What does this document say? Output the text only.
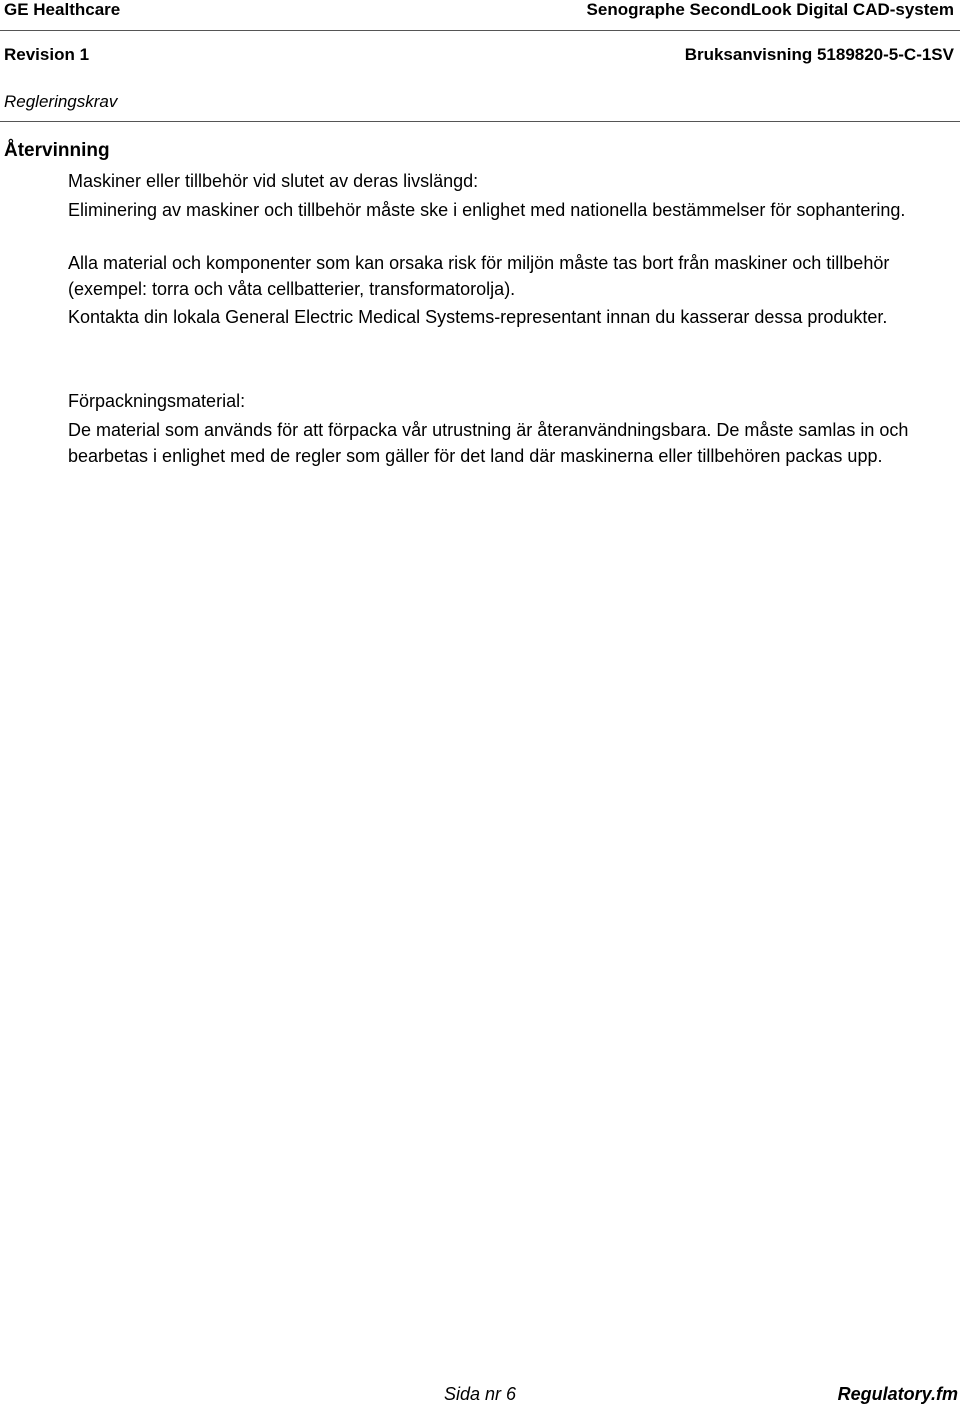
GE Healthcare	Senographe SecondLook Digital CAD-system
Revision 1	Bruksanvisning 5189820-5-C-1SV
Regleringskrav
Återvinning

Maskiner eller tillbehör vid slutet av deras livslängd:

Eliminering av maskiner och tillbehör måste ske i enlighet med nationella bestämmelser för sophantering.

Alla material och komponenter som kan orsaka risk för miljön måste tas bort från maskiner och tillbehör (exempel: torra och våta cellbatterier, transformatorolja).

Kontakta din lokala General Electric Medical Systems-representant innan du kasserar dessa produkter.

Förpackningsmaterial:

De material som används för att förpacka vår utrustning är återanvändningsbara. De måste samlas in och bearbetas i enlighet med de regler som gäller för det land där maskinerna eller tillbehören packas upp.

Sida nr 6	Regulatory.fm
